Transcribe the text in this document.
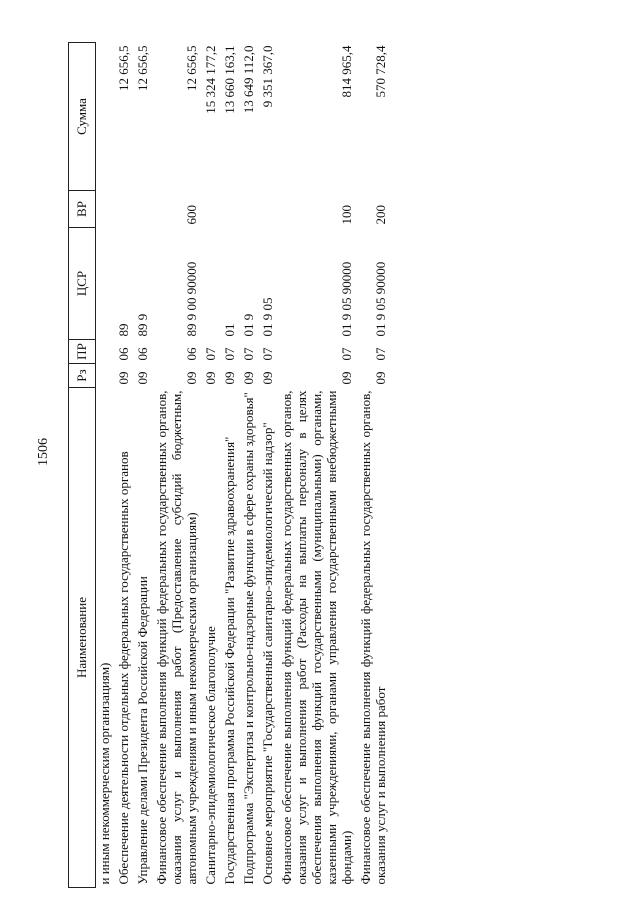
1506
Наименование	Рз	ПР	ЦСР	ВР	Сумма
и иным некоммерческим организациям)					
Обеспечение деятельности отдельных федеральных государственных органов	09	06	89		12 656,5
Управление делами Президента Российской Федерации	09	06	89 9		12 656,5
Финансовое обеспечение выполнения функций федеральных государственных органов, оказания услуг и выполнения работ (Предоставление субсидий бюджетным, автономным учреждениям и иным некоммерческим организациям)	09	06	89 9 00 90000	600	12 656,5
Санитарно-эпидемиологическое благополучие	09	07			15 324 177,2
Государственная программа Российской Федерации "Развитие здравоохранения"	09	07	01		13 660 163,1
Подпрограмма "Экспертиза и контрольно-надзорные функции в сфере охраны здоровья"	09	07	01 9		13 649 112,0
Основное мероприятие "Государственный санитарно-эпидемиологический надзор"	09	07	01 9 05		9 351 367,0
Финансовое обеспечение выполнения функций федеральных государственных органов, оказания услуг и выполнения работ (Расходы на выплаты персоналу в целях обеспечения выполнения функций государственными (муниципальными) органами, казенными учреждениями, органами управления государственными внебюджетными фондами)	09	07	01 9 05 90000	100	814 965,4
Финансовое обеспечение выполнения функций федеральных государственных органов, оказания услуг и выполнения работ	09	07	01 9 05 90000	200	570 728,4
